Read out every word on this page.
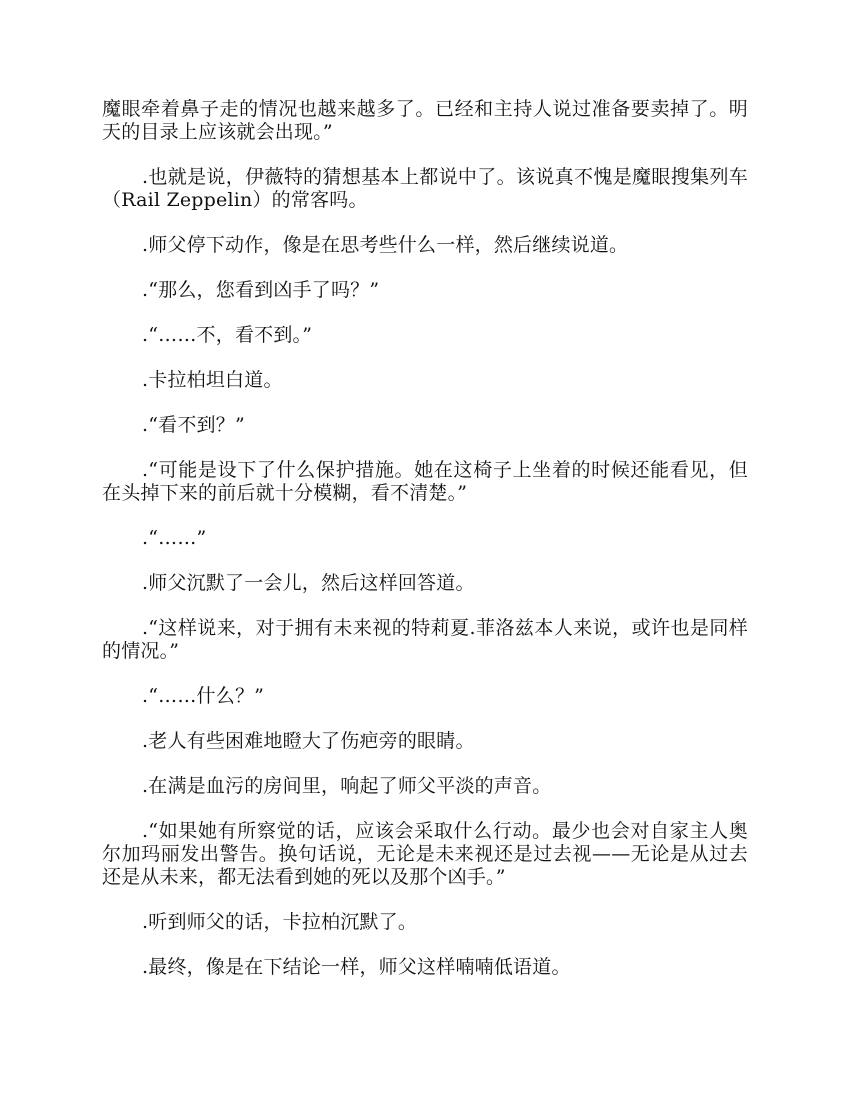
魔眼牵着鼻子走的情况也越来越多了。已经和主持人说过准备要卖掉了。明天的目录上应该就会出现。”

.也就是说，伊薇特的猜想基本上都说中了。该说真不愧是魔眼搜集列车（Rail Zeppelin）的常客吗。

.师父停下动作，像是在思考些什么一样，然后继续说道。

.“那么，您看到凶手了吗？”

.“……不，看不到。”

.卡拉柏坦白道。

.“看不到？”

.“可能是设下了什么保护措施。她在这椅子上坐着的时候还能看见，但在头掉下来的前后就十分模糊，看不清楚。”

.“……”

.师父沉默了一会儿，然后这样回答道。

.“这样说来，对于拥有未来视的特莉夏.菲洛兹本人来说，或许也是同样的情况。”

.“……什么？”

.老人有些困难地瞪大了伤疤旁的眼睛。

.在满是血污的房间里，响起了师父平淡的声音。

.“如果她有所察觉的话，应该会采取什么行动。最少也会对自家主人奥尔加玛丽发出警告。换句话说，无论是未来视还是过去视——无论是从过去还是从未来，都无法看到她的死以及那个凶手。”

.听到师父的话，卡拉柏沉默了。

.最终，像是在下结论一样，师父这样喃喃低语道。
